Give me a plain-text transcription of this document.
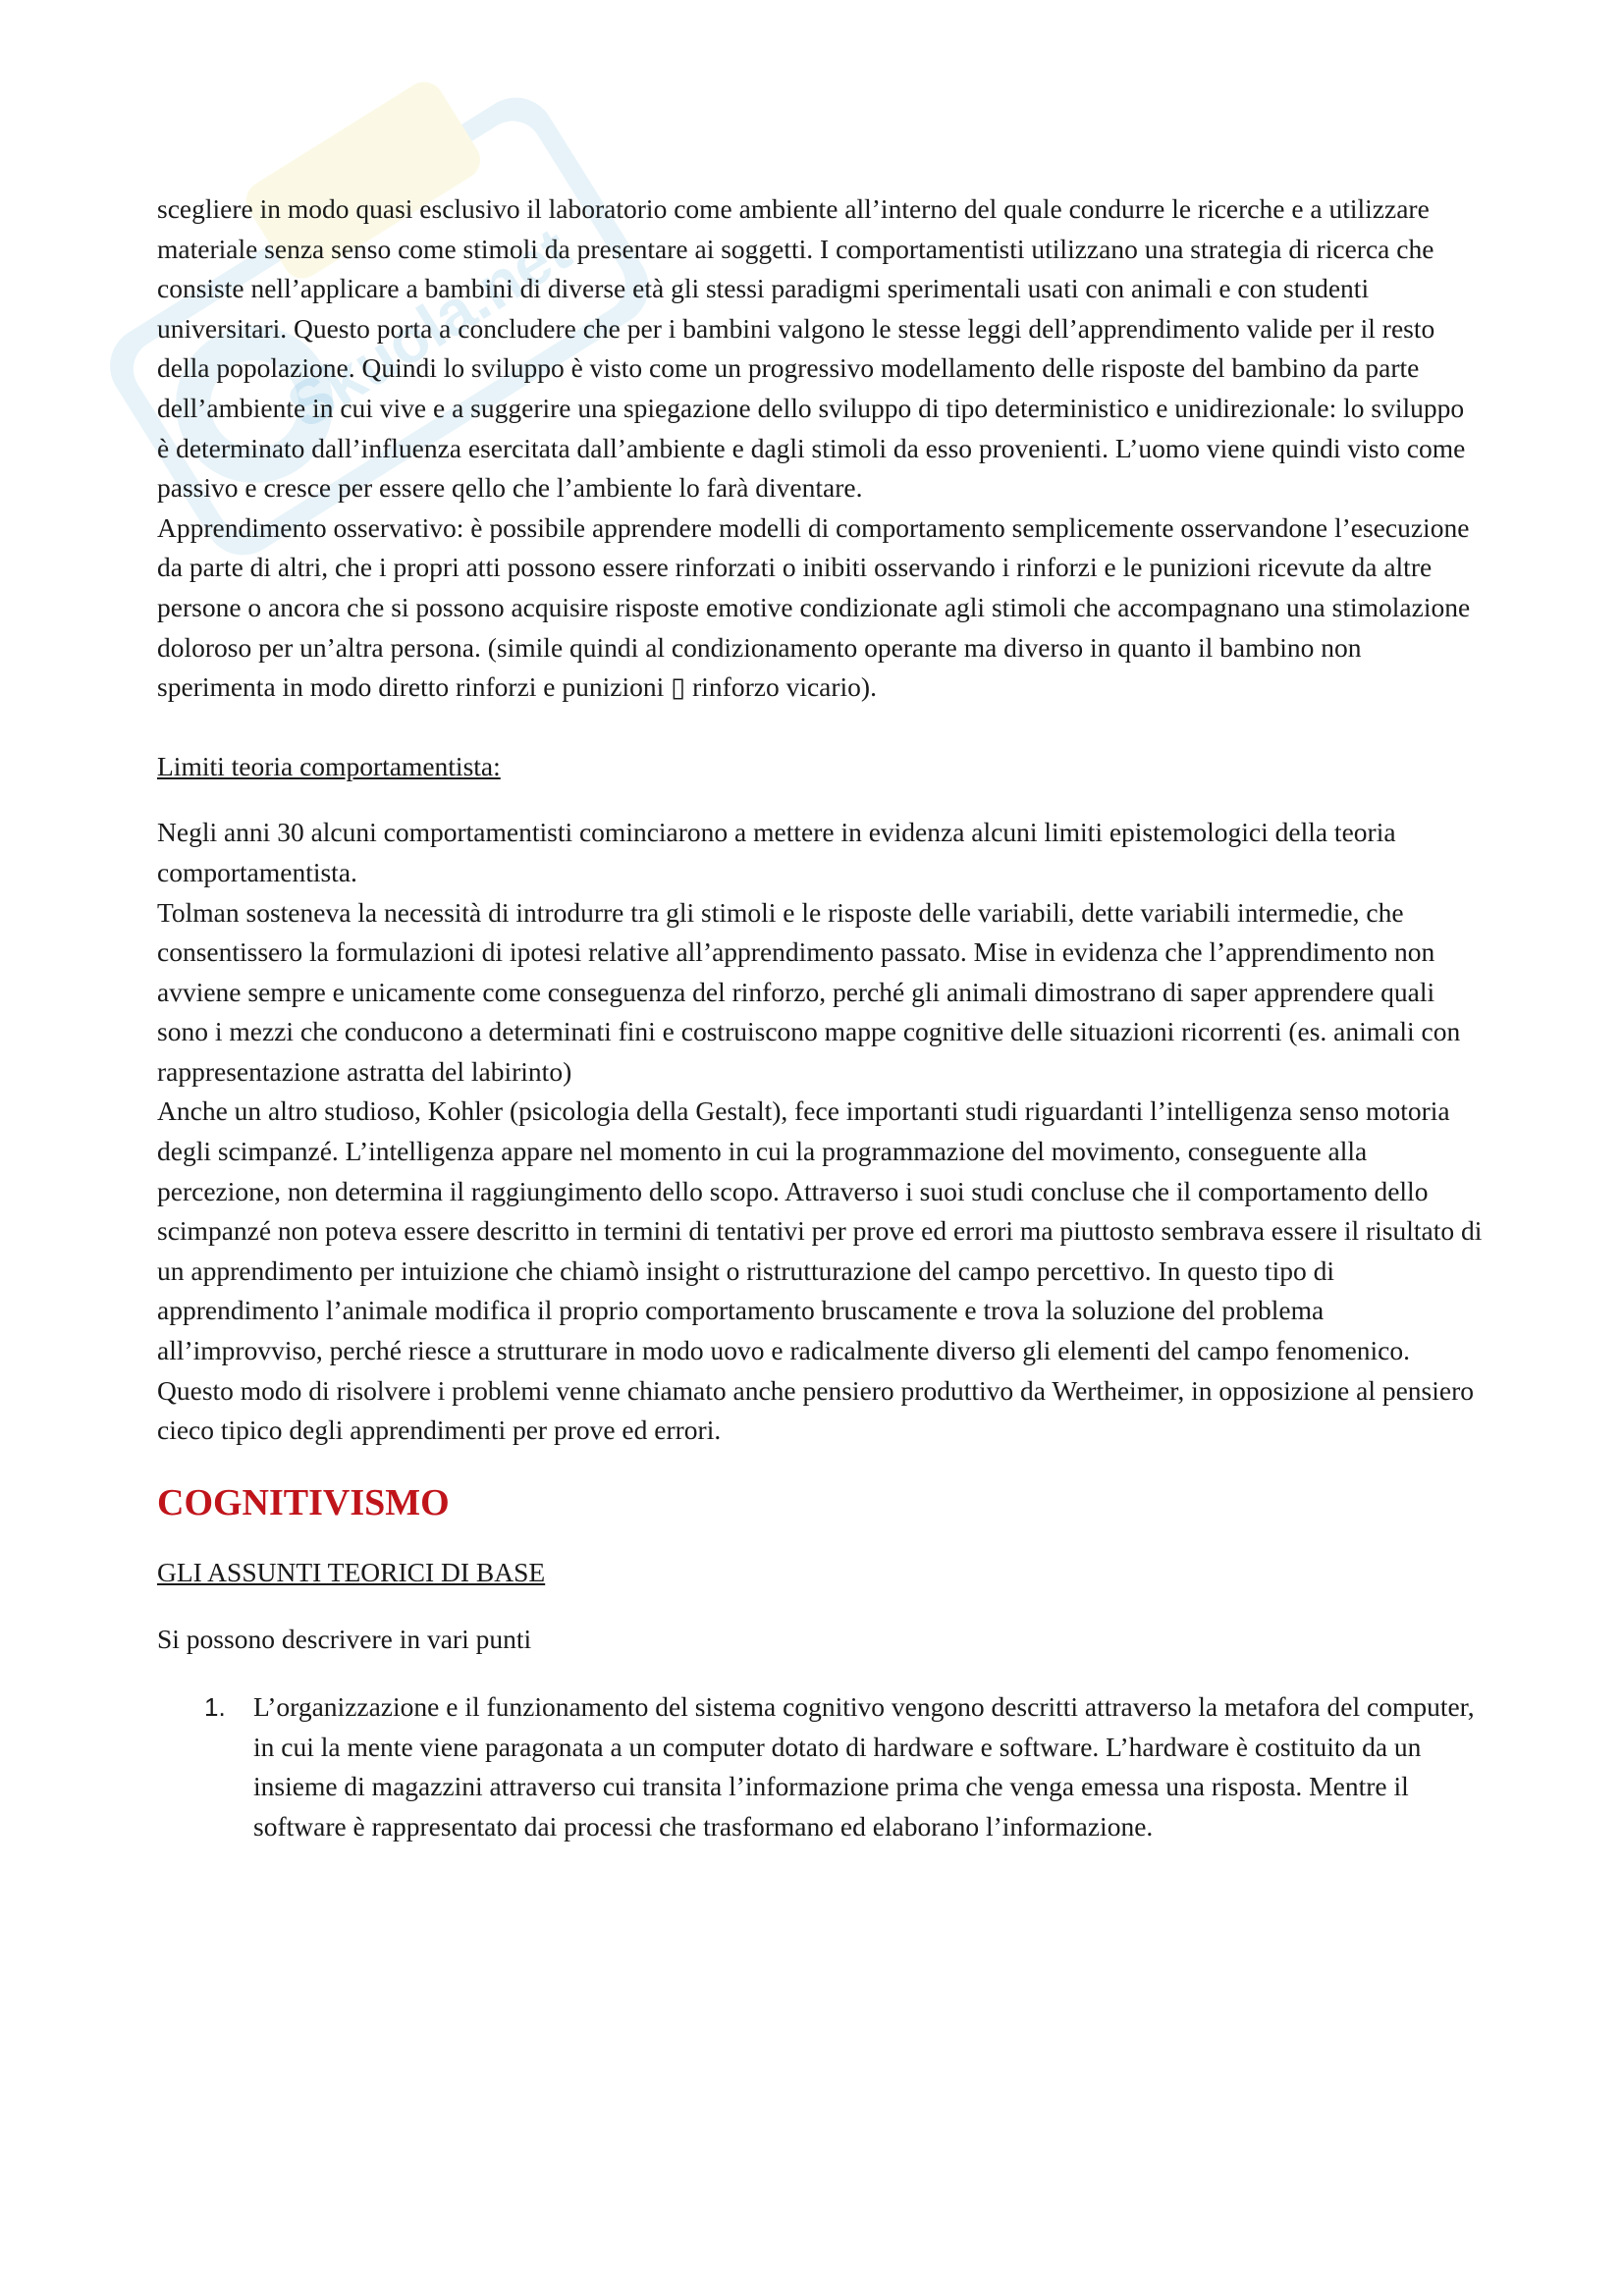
Skuola.net

scegliere in modo quasi esclusivo il laboratorio come ambiente all’interno del quale condurre le ricerche e a utilizzare materiale senza senso come stimoli da presentare ai soggetti. I comportamentisti utilizzano una strategia di ricerca che consiste nell’applicare a bambini di diverse età gli stessi paradigmi sperimentali usati con animali e con studenti universitari. Questo porta a concludere che per i bambini valgono le stesse leggi dell’apprendimento valide per il resto della popolazione. Quindi lo sviluppo è visto come un progressivo modellamento delle risposte del bambino da parte dell’ambiente in cui vive e a suggerire una spiegazione dello sviluppo di tipo deterministico e unidirezionale: lo sviluppo è determinato dall’influenza esercitata dall’ambiente e dagli stimoli da esso provenienti. L’uomo viene quindi visto come passivo e cresce per essere qello che l’ambiente lo farà diventare.

Apprendimento osservativo: è possibile apprendere modelli di comportamento semplicemente osservandone l’esecuzione da parte di altri, che i propri atti possono essere rinforzati o inibiti osservando i rinforzi e le punizioni ricevute da altre persone o ancora che si possono acquisire risposte emotive condizionate agli stimoli che accompagnano una stimolazione doloroso per un’altra persona. (simile quindi al condizionamento operante ma diverso in quanto il bambino non sperimenta in modo diretto rinforzi e punizioni ▯ rinforzo vicario).

Limiti teoria comportamentista:

Negli anni 30 alcuni comportamentisti cominciarono a mettere in evidenza alcuni limiti epistemologici della teoria comportamentista.

Tolman sosteneva la necessità di introdurre tra gli stimoli e le risposte delle variabili, dette variabili intermedie, che consentissero la formulazioni di ipotesi relative all’apprendimento passato. Mise in evidenza che l’apprendimento non avviene sempre e unicamente come conseguenza del rinforzo, perché gli animali dimostrano di saper apprendere quali sono i mezzi che conducono a determinati fini e costruiscono mappe cognitive delle situazioni ricorrenti (es. animali con rappresentazione astratta del labirinto)

Anche un altro studioso, Kohler (psicologia della Gestalt), fece importanti studi riguardanti l’intelligenza senso motoria degli scimpanzé. L’intelligenza appare nel momento in cui la programmazione del movimento, conseguente alla percezione, non determina il raggiungimento dello scopo. Attraverso i suoi studi concluse che il comportamento dello scimpanzé non poteva essere descritto in termini di tentativi per prove ed errori ma piuttosto sembrava essere il risultato di un apprendimento per intuizione che chiamò insight o ristrutturazione del campo percettivo. In questo tipo di apprendimento l’animale modifica il proprio comportamento bruscamente e trova la soluzione del problema all’improvviso, perché riesce a strutturare in modo uovo e radicalmente diverso gli elementi del campo fenomenico. Questo modo di risolvere i problemi venne chiamato anche pensiero produttivo da Wertheimer, in opposizione al pensiero cieco tipico degli apprendimenti per prove ed errori.

COGNITIVISMO

GLI ASSUNTI TEORICI DI BASE

Si possono descrivere in vari punti

1.	L’organizzazione e il funzionamento del sistema cognitivo vengono descritti attraverso la metafora del computer, in cui la mente viene paragonata a un computer dotato di hardware e software. L’hardware è costituito da un insieme di magazzini attraverso cui transita l’informazione prima che venga emessa una risposta. Mentre il software è rappresentato dai processi che trasformano ed elaborano l’informazione.
